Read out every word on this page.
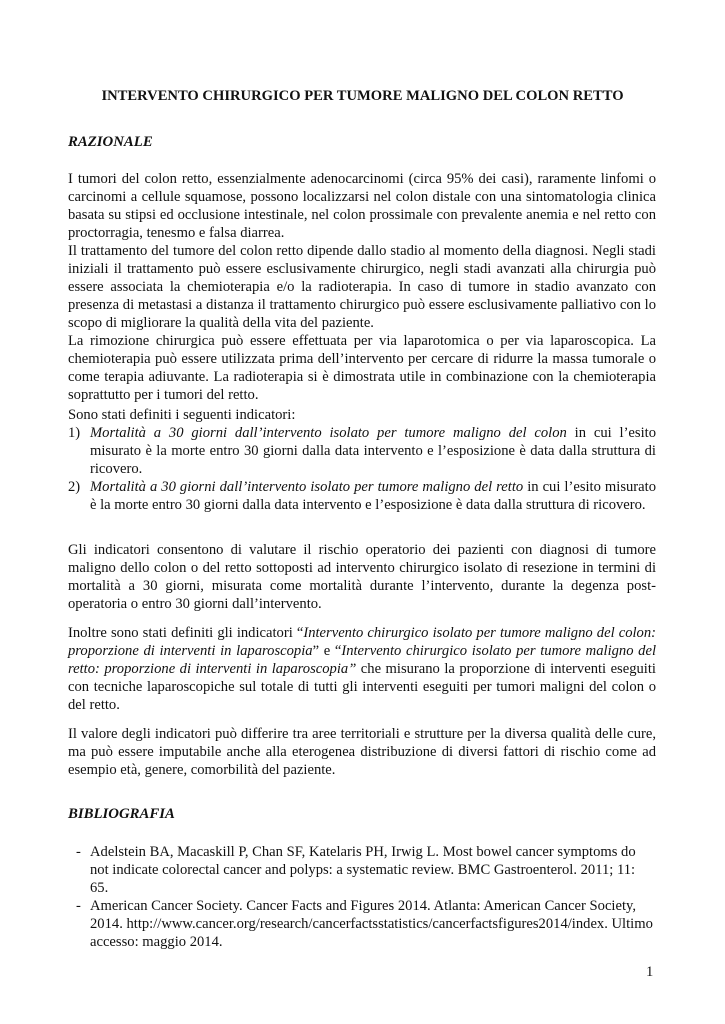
INTERVENTO CHIRURGICO PER TUMORE MALIGNO DEL COLON RETTO
RAZIONALE

I tumori del colon retto, essenzialmente adenocarcinomi (circa 95% dei casi), raramente linfomi o carcinomi a cellule squamose, possono localizzarsi nel colon distale con una sintomatologia clinica basata su stipsi ed occlusione intestinale, nel colon prossimale con prevalente anemia e nel retto con proctorragia, tenesmo e falsa diarrea.

Il trattamento del tumore del colon retto dipende dallo stadio al momento della diagnosi. Negli stadi iniziali il trattamento può essere esclusivamente chirurgico, negli stadi avanzati alla chirurgia può essere associata la chemioterapia e/o la radioterapia. In caso di tumore in stadio avanzato con presenza di metastasi a distanza il trattamento chirurgico può essere esclusivamente palliativo con lo scopo di migliorare la qualità della vita del paziente.

La rimozione chirurgica può essere effettuata per via laparotomica o per via laparoscopica. La chemioterapia può essere utilizzata prima dell’intervento per cercare di ridurre la massa tumorale o come terapia adiuvante. La radioterapia si è dimostrata utile in combinazione con la chemioterapia soprattutto per i tumori del retto.

Sono stati definiti i seguenti indicatori:

1) Mortalità a 30 giorni dall’intervento isolato per tumore maligno del colon in cui l’esito misurato è la morte entro 30 giorni dalla data intervento e l’esposizione è data dalla struttura di ricovero.
2) Mortalità a 30 giorni dall’intervento isolato per tumore maligno del retto in cui l’esito misurato è la morte entro 30 giorni dalla data intervento e l’esposizione è data dalla struttura di ricovero.

Gli indicatori consentono di valutare il rischio operatorio dei pazienti con diagnosi di tumore maligno dello colon o del retto sottoposti ad intervento chirurgico isolato di resezione in termini di mortalità a 30 giorni, misurata come mortalità durante l’intervento, durante la degenza post-operatoria o entro 30 giorni dall’intervento.

Inoltre sono stati definiti gli indicatori “Intervento chirurgico isolato per tumore maligno del colon: proporzione di interventi in laparoscopia” e “Intervento chirurgico isolato per tumore maligno del retto: proporzione di interventi in laparoscopia” che misurano la proporzione di interventi eseguiti con tecniche laparoscopiche sul totale di tutti gli interventi eseguiti per tumori maligni del colon o del retto.

Il valore degli indicatori può differire tra aree territoriali e strutture per la diversa qualità delle cure, ma può essere imputabile anche alla eterogenea distribuzione di diversi fattori di rischio come ad esempio età, genere, comorbilità del paziente.

BIBLIOGRAFIA

- Adelstein BA, Macaskill P, Chan SF, Katelaris PH, Irwig L. Most bowel cancer symptoms do not indicate colorectal cancer and polyps: a systematic review. BMC Gastroenterol. 2011; 11: 65.

- American Cancer Society. Cancer Facts and Figures 2014. Atlanta: American Cancer Society, 2014. http://www.cancer.org/research/cancerfactsstatistics/cancerfactsfigures2014/index. Ultimo accesso: maggio 2014.

1
